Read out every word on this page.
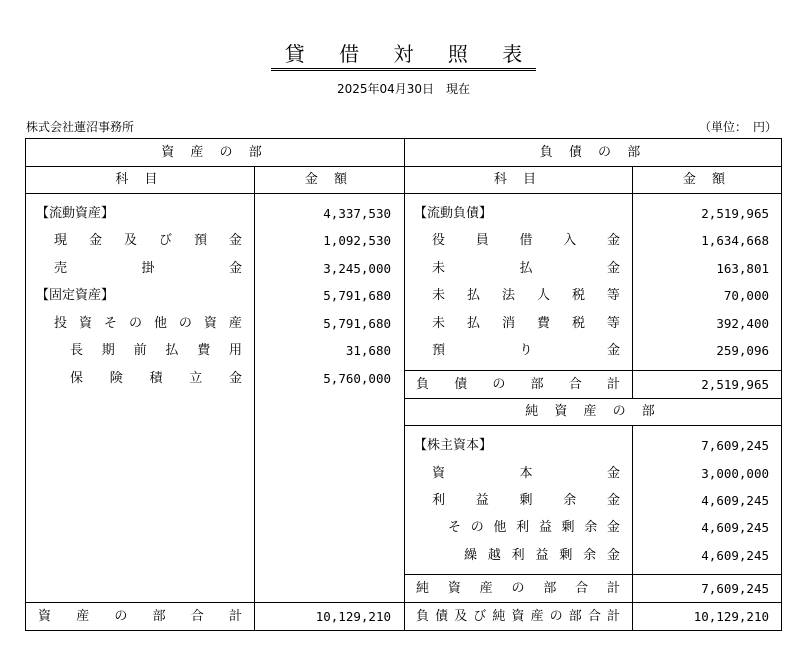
貸 借 対 照 表
2025年04月30日　現在
株式会社蓮沼事務所	（単位：　円）
資 産 の 部	負 債 の 部
科 目	金 額	科 目	金 額
【流動資産】	4,337,530
現 金 及 び 預 金	1,092,530
売	掛	金	3,245,000
【固定資産】	5,791,680
投 資 そ の 他 の 資 産	5,791,680
長 期 前 払 費 用	31,680
保 険 積 立 金	5,760,000
【流動負債】	2,519,965
役 員 借 入 金	1,634,668
未	払	金	163,801
未 払 法 人 税 等	70,000
未 払 消 費 税 等	392,400
預	り	金	259,096
負 債 の 部 合 計	2,519,965
純 資 産 の 部
【株主資本】	7,609,245
資	本	金	3,000,000
利 益 剰 余 金	4,609,245
そ の 他 利 益 剰 余 金	4,609,245
繰 越 利 益 剰 余 金	4,609,245
純 資 産 の 部 合 計	7,609,245
資 産 の 部 合 計	10,129,210 負 債 及 び 純 資 産 の 部 合 計	10,129,210
